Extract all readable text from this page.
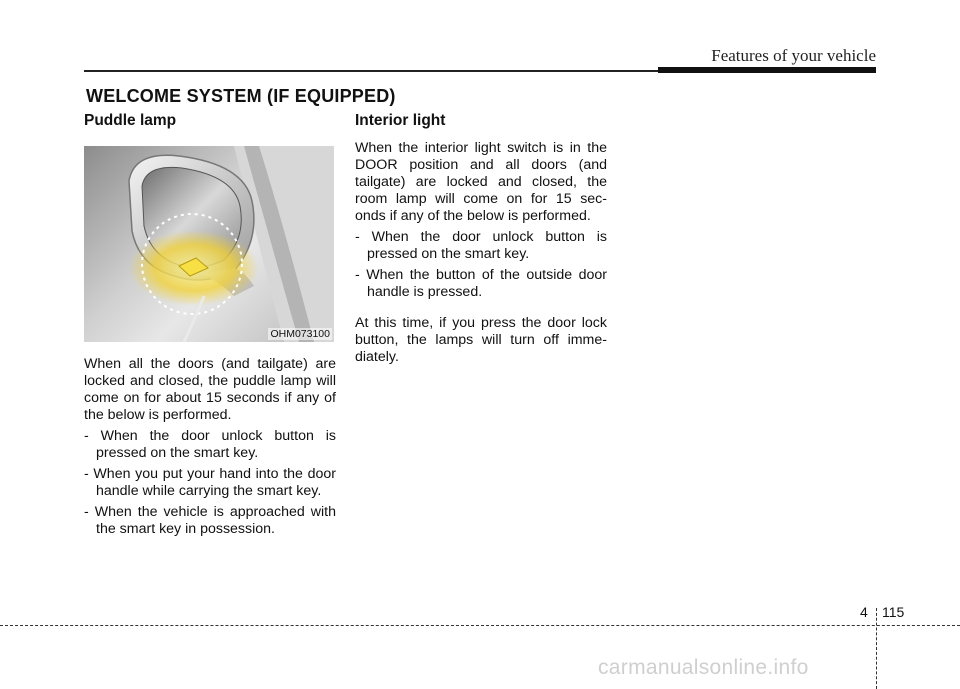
Features of your vehicle
WELCOME SYSTEM (IF EQUIPPED)
Puddle lamp
OHM073100

When all the doors (and tailgate) are locked and closed, the puddle lamp will come on for about 15 seconds if any of the below is performed.

- When the door unlock button is pressed on the smart key.
- When you put your hand into the door handle while carrying the smart key.
- When the vehicle is approached with the smart key in possession.
Interior light

When the interior light switch is in the DOOR position and all doors (and tailgate) are locked and closed, the room lamp will come on for 15 sec- onds if any of the below is performed.

- When the door unlock button is pressed on the smart key.
- When the button of the outside door handle is pressed.

At this time, if you press the door lock button, the lamps will turn off imme- diately.

4 115
carmanualsonline.info
